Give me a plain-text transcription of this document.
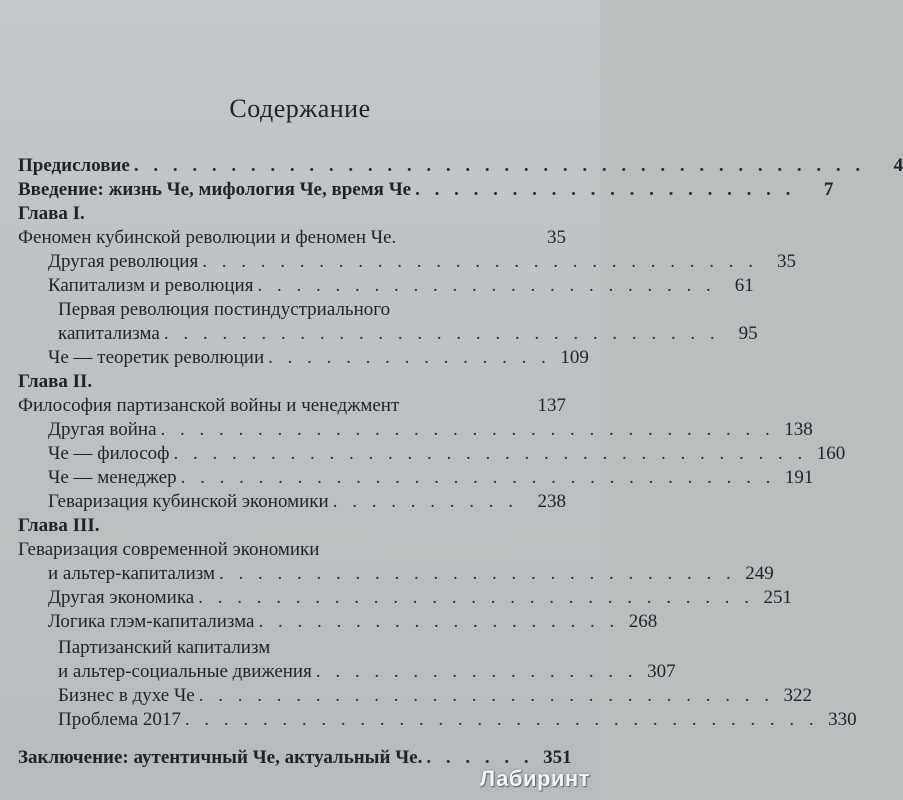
Содержание
Предисловие . . . . . . . . . . . . . . . . . . . . . . . . . . . . . . . . . . . . . .	4
Введение: жизнь Че, мифология Че, время Че . . . . . . . . . . . . . . . . . . . .	7
Глава I.
Феномен кубинской революции и феномен Че.	35
Другая революция . . . . . . . . . . . . . . . . . . . . . . . . . . . . .	35
Капитализм и революция . . . . . . . . . . . . . . . . . . . . . . . .	61
Первая революция постиндустриального
капитализма . . . . . . . . . . . . . . . . . . . . . . . . . . . . .	95
Че — теоретик революции . . . . . . . . . . . . . . . 109
Глава II.
Философия партизанской войны и ченеджмент	137
Другая война . . . . . . . . . . . . . . . . . . . . . . . . . . . . . . . . 138
Че — философ . . . . . . . . . . . . . . . . . . . . . . . . . . . . . . . . . 160
Че — менеджер . . . . . . . . . . . . . . . . . . . . . . . . . . . . . . . 191
Геваризация кубинской экономики . . . . . . . . . .	238
Глава III.
Геваризация современной экономики
и альтер-капитализм . . . . . . . . . . . . . . . . . . . . . . . . . . . 249
Другая экономика . . . . . . . . . . . . . . . . . . . . . . . . . . . . . 251
Логика глэм-капитализма . . . . . . . . . . . . . . . . . . . 268
Партизанский капитализм
и альтер-социальные движения . . . . . . . . . . . . . . . . . 307
Бизнес в духе Че . . . . . . . . . . . . . . . . . . . . . . . . . . . . . . 322
Проблема 2017 . . . . . . . . . . . . . . . . . . . . . . . . . . . . . . . . . 330
Заключение: аутентичный Че, актуальный Че. . . . . . . 351
Лабиринт
